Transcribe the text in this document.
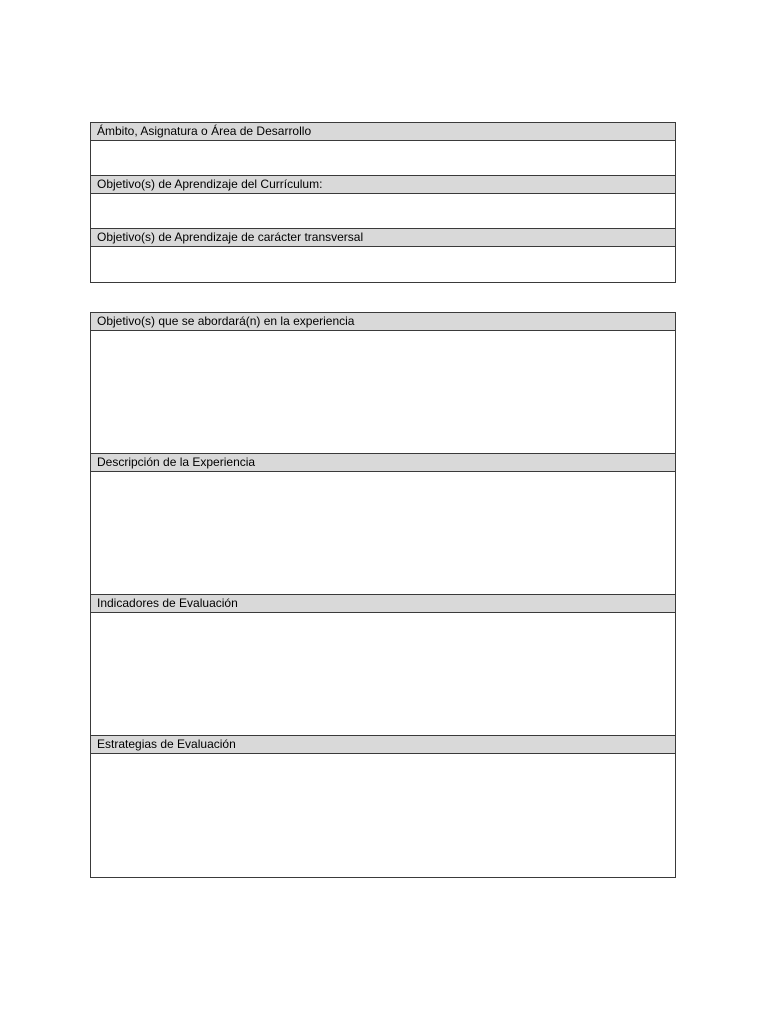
Ámbito, Asignatura o Área de Desarrollo
Objetivo(s) de Aprendizaje del Currículum:
Objetivo(s) de Aprendizaje de carácter transversal
Objetivo(s) que se abordará(n) en la experiencia
Descripción de la Experiencia
Indicadores de Evaluación
Estrategias de Evaluación
